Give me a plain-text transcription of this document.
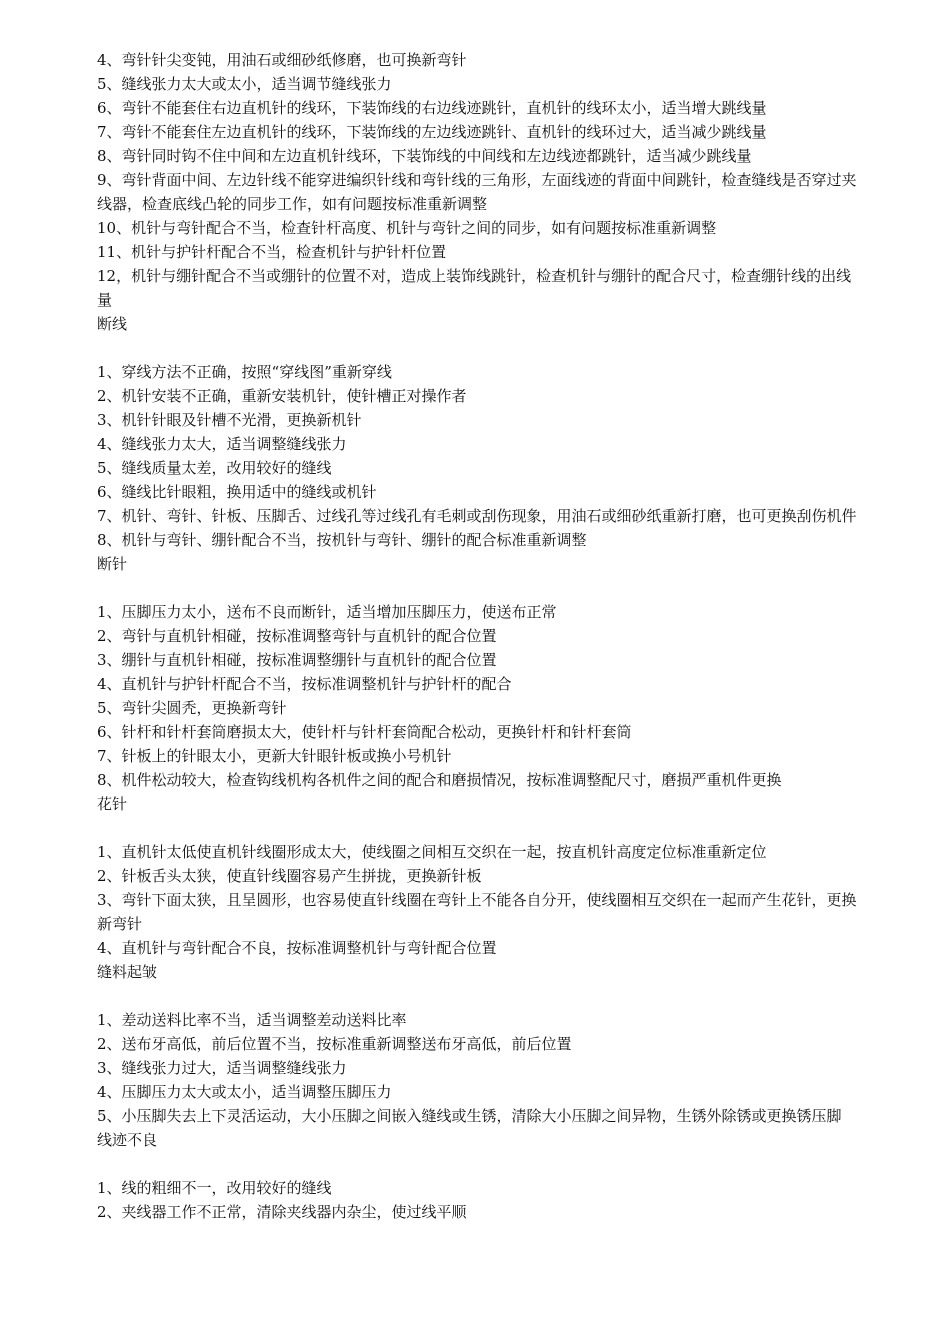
4、弯针针尖变钝，用油石或细砂纸修磨，也可换新弯针
5、缝线张力太大或太小，适当调节缝线张力
6、弯针不能套住右边直机针的线环，下装饰线的右边线迹跳针，直机针的线环太小，适当增大跳线量
7、弯针不能套住左边直机针的线环，下装饰线的左边线迹跳针、直机针的线环过大，适当减少跳线量
8、弯针同时钩不住中间和左边直机针线环，下装饰线的中间线和左边线迹都跳针，适当减少跳线量
9、弯针背面中间、左边针线不能穿进编织针线和弯针线的三角形，左面线迹的背面中间跳针，检查缝线是否穿过夹线器，检查底线凸轮的同步工作，如有问题按标准重新调整
10、机针与弯针配合不当，检查针杆高度、机针与弯针之间的同步，如有问题按标准重新调整
11、机针与护针杆配合不当，检查机针与护针杆位置
12，机针与绷针配合不当或绷针的位置不对，造成上装饰线跳针，检查机针与绷针的配合尺寸，检查绷针线的出线量
断线
1、穿线方法不正确，按照“穿线图”重新穿线
2、机针安装不正确，重新安装机针，使针槽正对操作者
3、机针针眼及针槽不光滑，更换新机针
4、缝线张力太大，适当调整缝线张力
5、缝线质量太差，改用较好的缝线
6、缝线比针眼粗，换用适中的缝线或机针
7、机针、弯针、针板、压脚舌、过线孔等过线孔有毛刺或刮伤现象，用油石或细砂纸重新打磨，也可更换刮伤机件
8、机针与弯针、绷针配合不当，按机针与弯针、绷针的配合标准重新调整
断针
1、压脚压力太小，送布不良而断针，适当增加压脚压力，使送布正常
2、弯针与直机针相碰，按标准调整弯针与直机针的配合位置
3、绷针与直机针相碰，按标准调整绷针与直机针的配合位置
4、直机针与护针杆配合不当，按标准调整机针与护针杆的配合
5、弯针尖圆秃，更换新弯针
6、针杆和针杆套筒磨损太大，使针杆与针杆套筒配合松动，更换针杆和针杆套筒
7、针板上的针眼太小，更新大针眼针板或换小号机针
8、机件松动较大，检查钩线机构各机件之间的配合和磨损情况，按标准调整配尺寸，磨损严重机件更换
花针
1、直机针太低使直机针线圈形成太大，使线圈之间相互交织在一起，按直机针高度定位标准重新定位
2、针板舌头太狭，使直针线圈容易产生拼拢，更换新针板
3、弯针下面太狭，且呈圆形，也容易使直针线圈在弯针上不能各自分开，使线圈相互交织在一起而产生花针，更换新弯针
4、直机针与弯针配合不良，按标准调整机针与弯针配合位置
缝料起皱
1、差动送料比率不当，适当调整差动送料比率
2、送布牙高低，前后位置不当，按标准重新调整送布牙高低，前后位置
3、缝线张力过大，适当调整缝线张力
4、压脚压力太大或太小，适当调整压脚压力
5、小压脚失去上下灵活运动，大小压脚之间嵌入缝线或生锈，清除大小压脚之间异物，生锈外除锈或更换锈压脚
线迹不良
1、线的粗细不一，改用较好的缝线
2、夹线器工作不正常，清除夹线器内杂尘，使过线平顺
